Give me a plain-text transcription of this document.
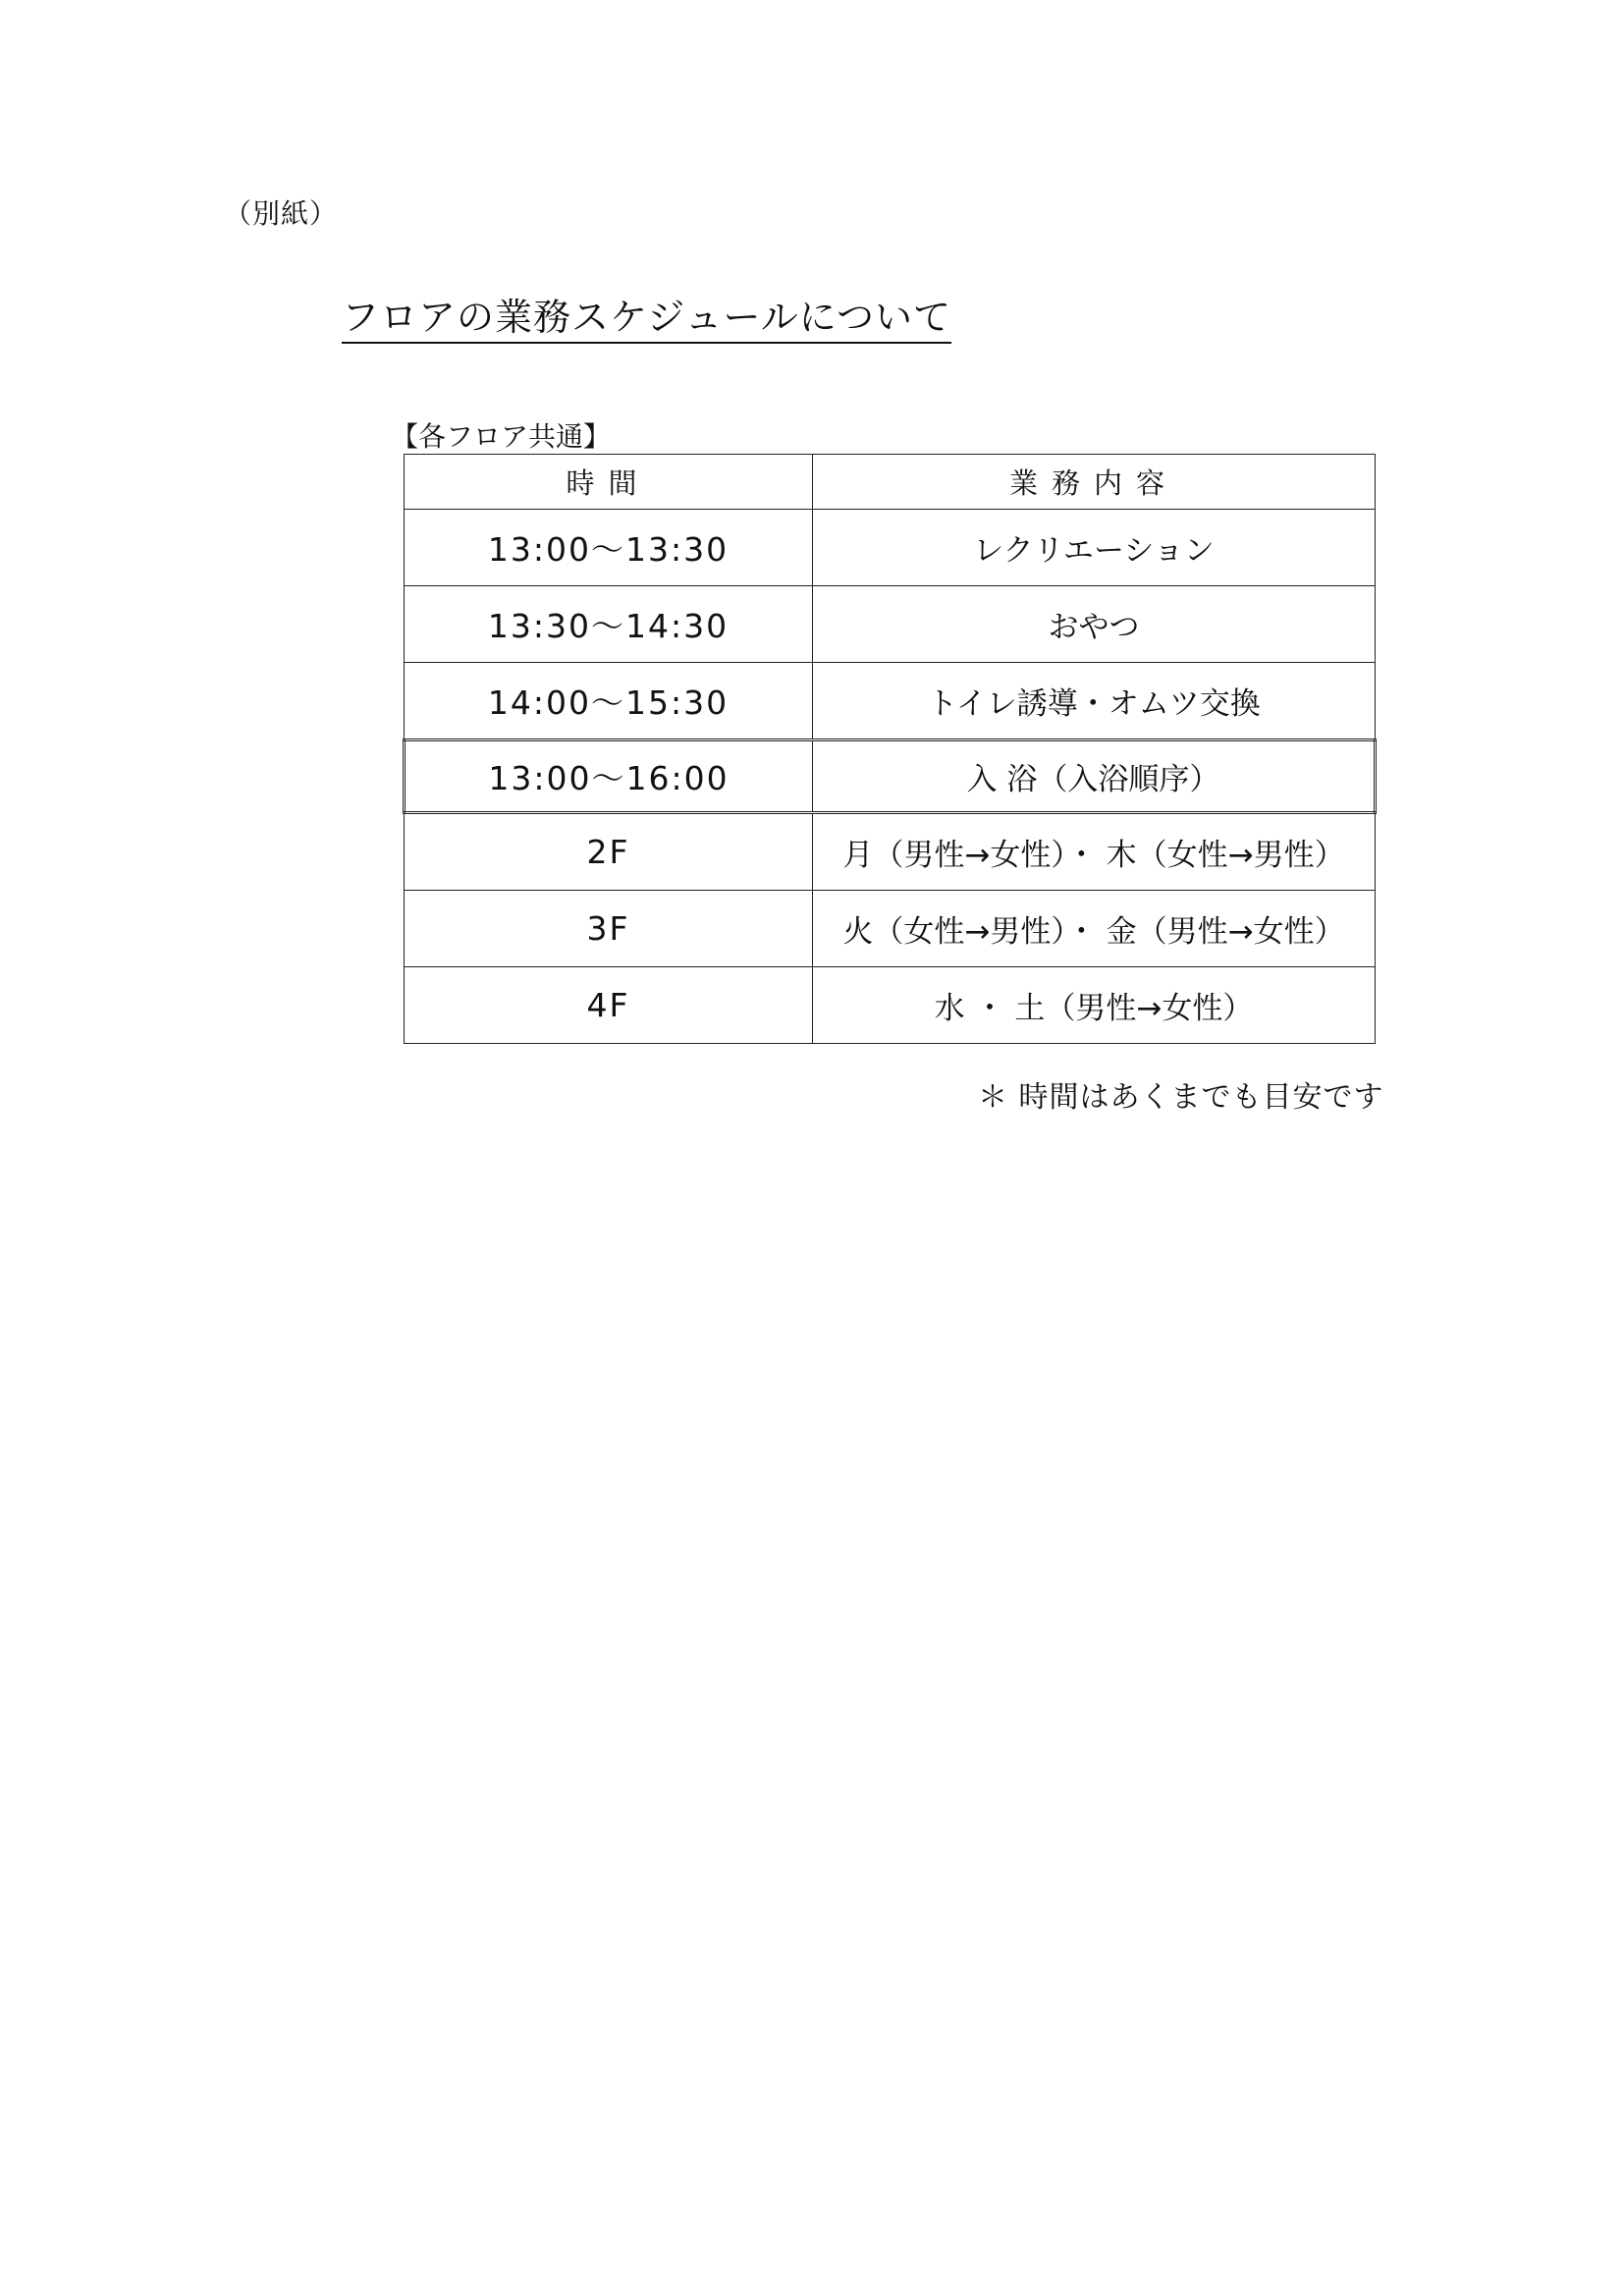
（別紙）
フロアの業務スケジュールについて
【各フロア共通】
時間	業務内容
13:00〜13:30	レクリエーション
13:30〜14:30	おやつ
14:00〜15:30	トイレ誘導・オムツ交換
13:00〜16:00	入 浴（入浴順序）
2F	月（男性→女性）・ 木（女性→男性）
3F	火（女性→男性）・ 金（男性→女性）
4F	水 ・ 土（男性→女性）
＊ 時間はあくまでも目安です
